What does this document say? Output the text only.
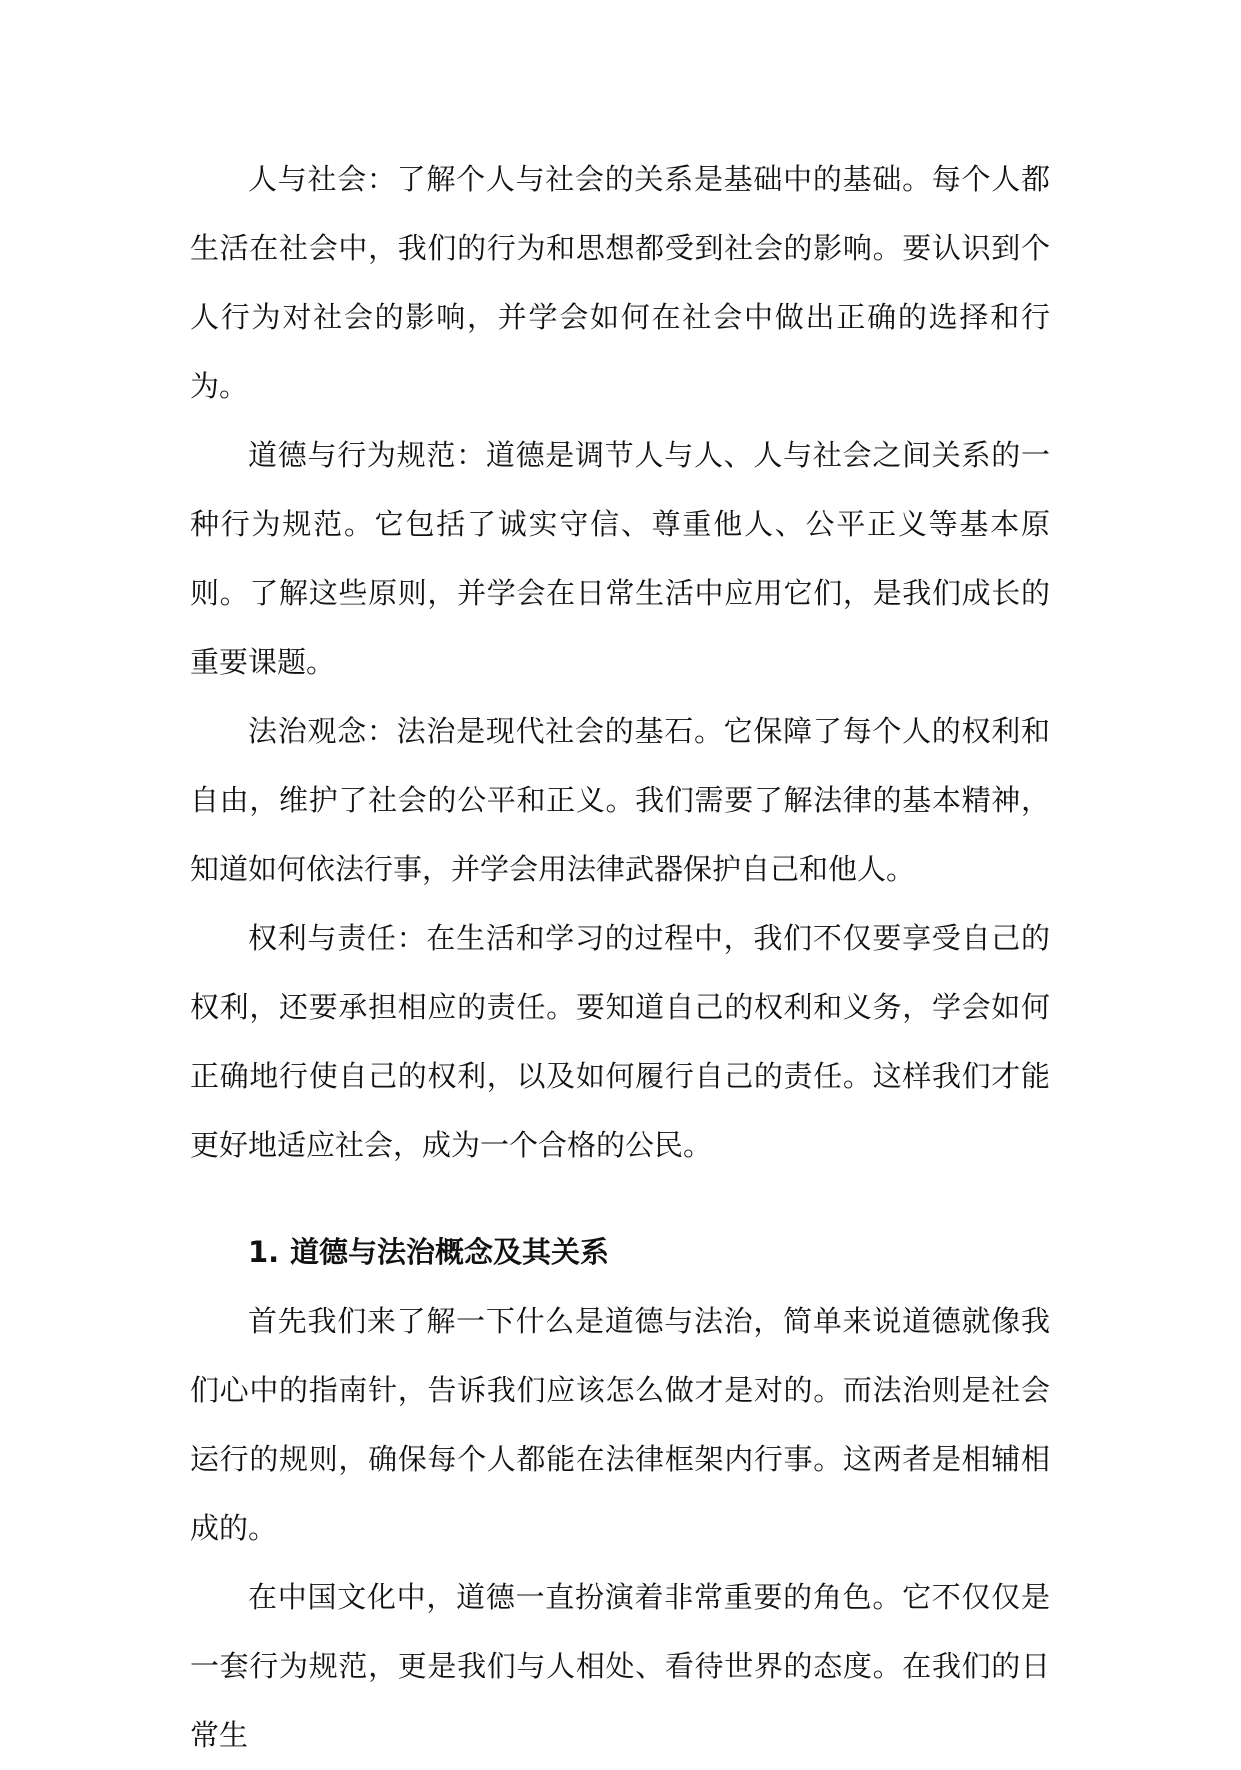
人与社会：了解个人与社会的关系是基础中的基础。每个人都生活在社会中，我们的行为和思想都受到社会的影响。要认识到个人行为对社会的影响，并学会如何在社会中做出正确的选择和行为。

道德与行为规范：道德是调节人与人、人与社会之间关系的一种行为规范。它包括了诚实守信、尊重他人、公平正义等基本原则。了解这些原则，并学会在日常生活中应用它们，是我们成长的重要课题。

法治观念：法治是现代社会的基石。它保障了每个人的权利和自由，维护了社会的公平和正义。我们需要了解法律的基本精神，知道如何依法行事，并学会用法律武器保护自己和他人。

权利与责任：在生活和学习的过程中，我们不仅要享受自己的权利，还要承担相应的责任。要知道自己的权利和义务，学会如何正确地行使自己的权利，以及如何履行自己的责任。这样我们才能更好地适应社会，成为一个合格的公民。

1. 道德与法治概念及其关系

首先我们来了解一下什么是道德与法治，简单来说道德就像我们心中的指南针，告诉我们应该怎么做才是对的。而法治则是社会运行的规则，确保每个人都能在法律框架内行事。这两者是相辅相成的。

在中国文化中，道德一直扮演着非常重要的角色。它不仅仅是一套行为规范，更是我们与人相处、看待世界的态度。在我们的日常生
